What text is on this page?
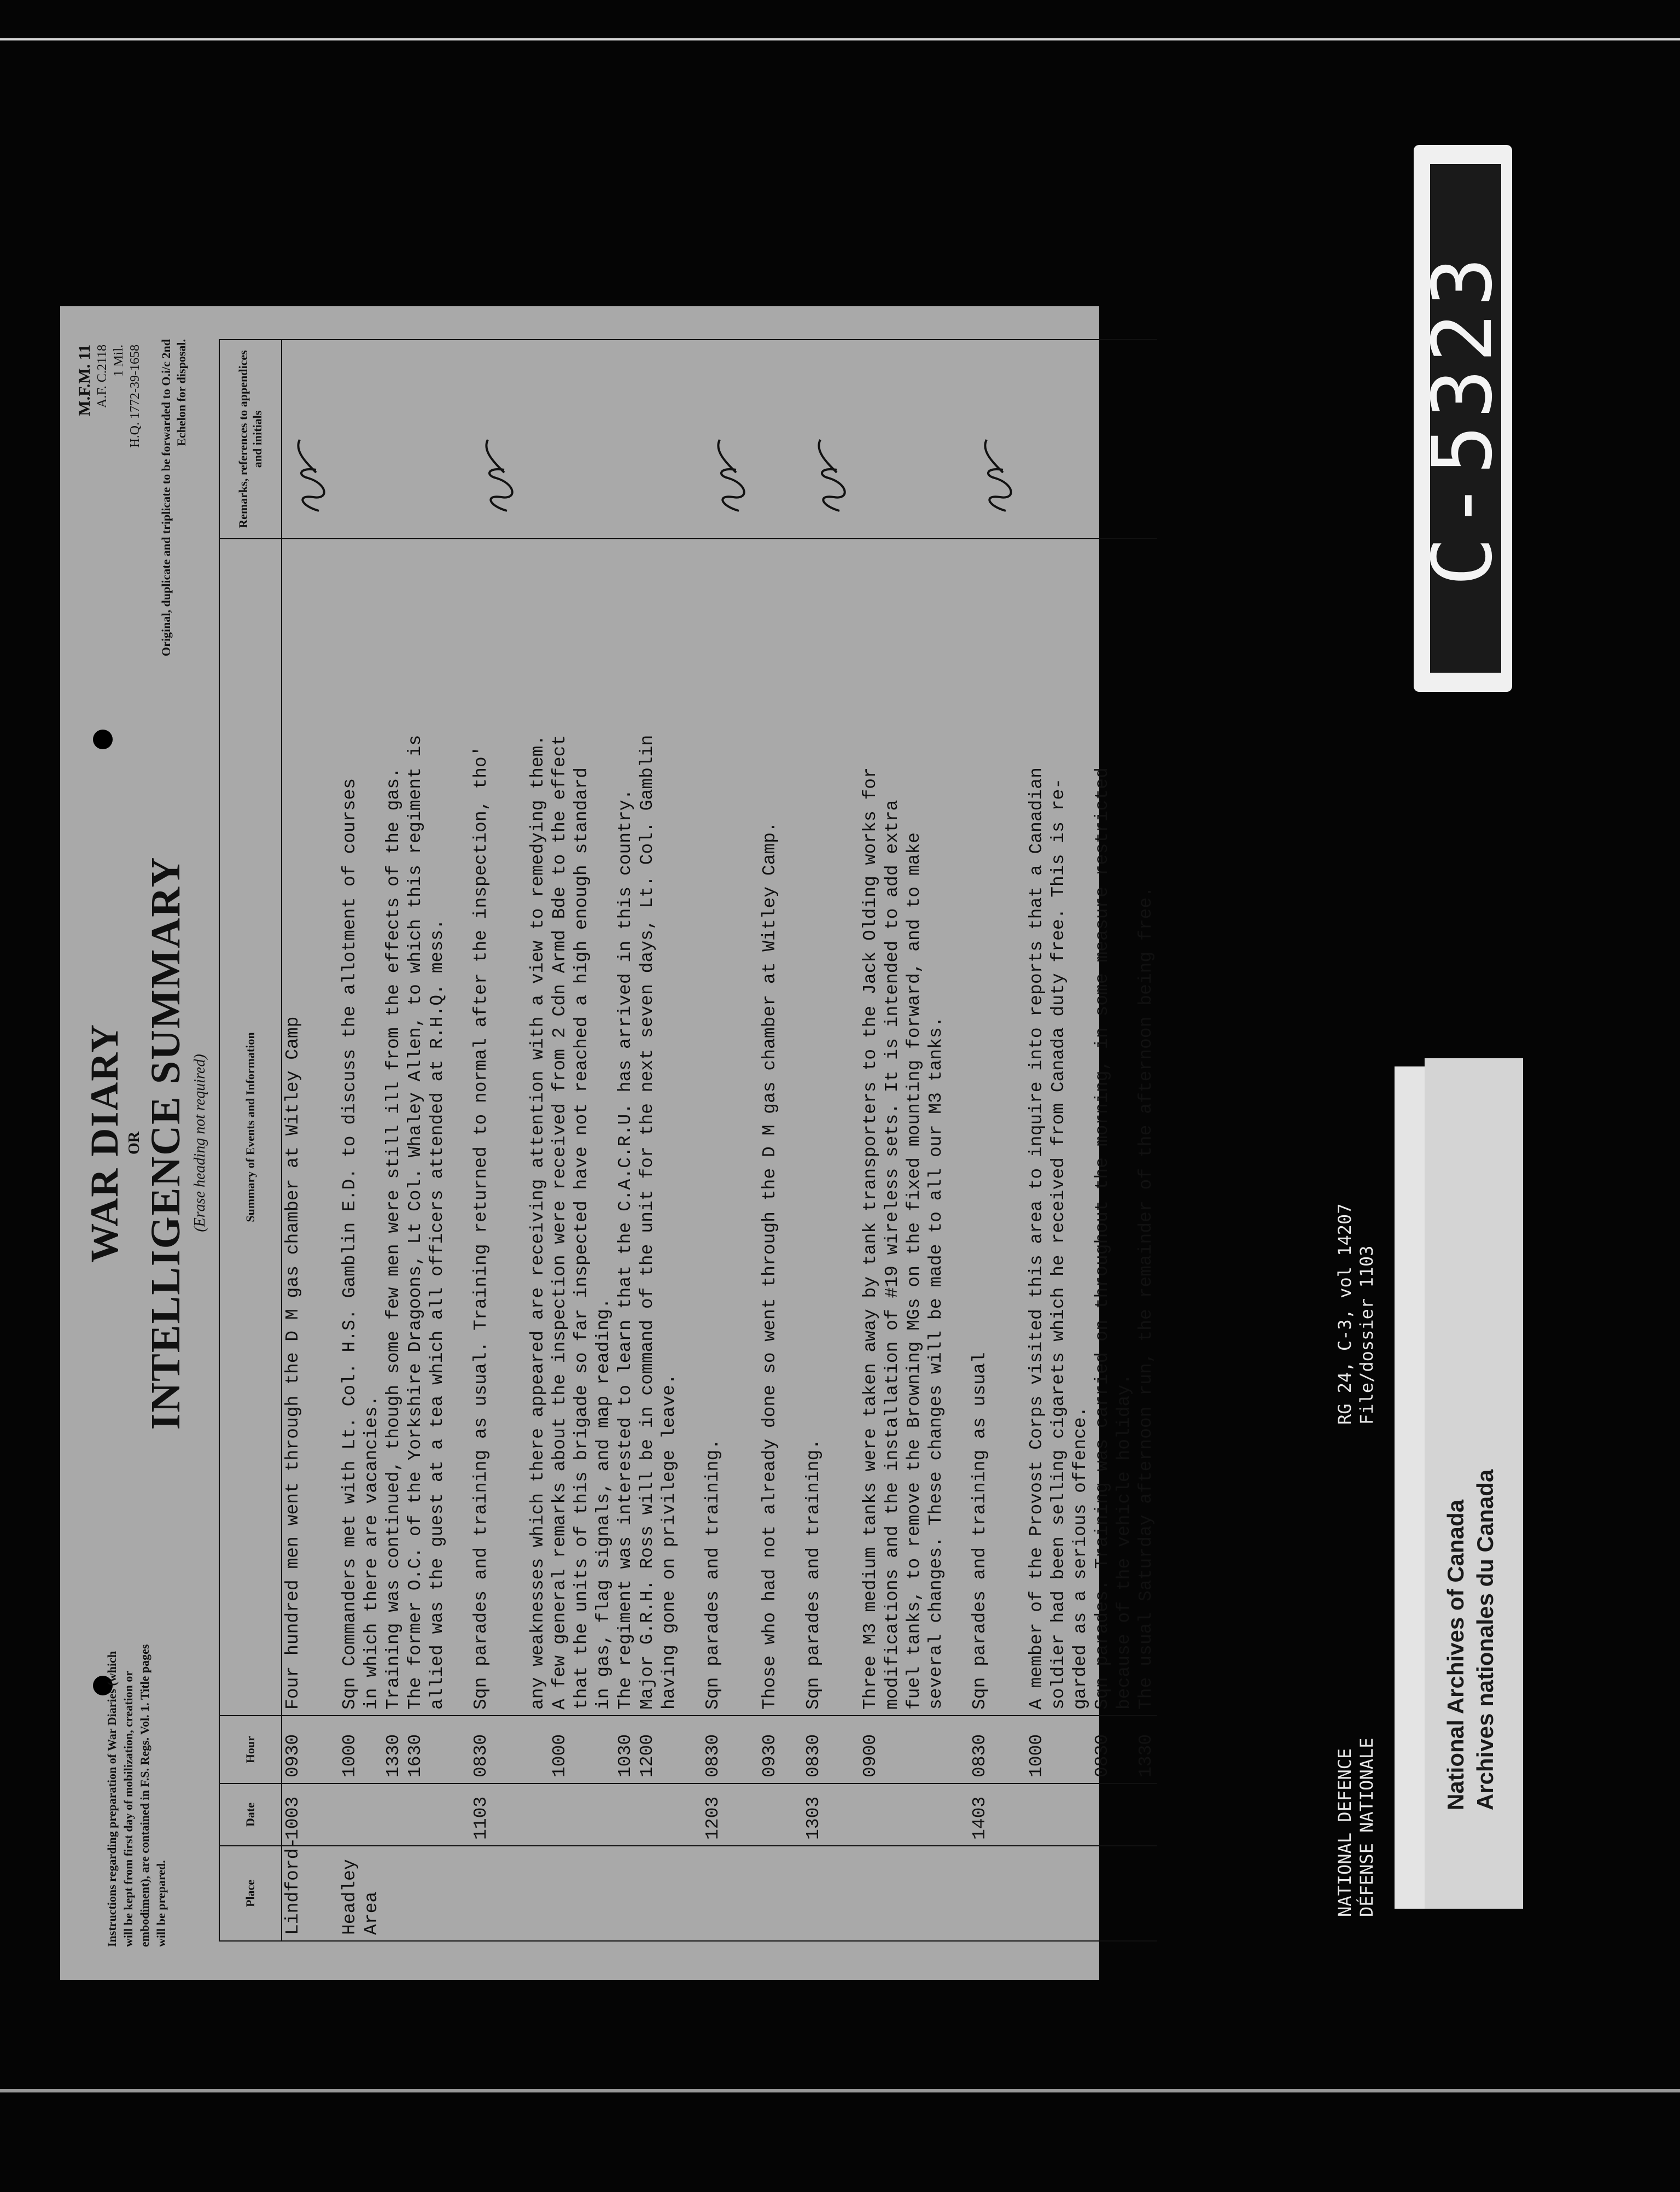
Instructions regarding preparation of War Diaries (which will be kept from first day of mobilization, creation or embodiment), are contained in F.S. Regs. Vol. 1. Title pages will be prepared.
M.F.M. 11 A.F. C.2118 1 Mil. H.Q. 1772-39-1658
WAR DIARY OR INTELLIGENCE SUMMARY (Erase heading not required)
Original, duplicate and triplicate to be forwarded to O.i/c 2nd Echelon for disposal.
Place	Date	Hour	Summary of Events and Information	Remarks, references to appendices and initials
Lindford-	1003	0930	Four hundred men went through the D M gas chamber at Witley Camp	

Headley		1000	Sqn Commanders met with Lt. Col. H.S. Gamblin E.D. to discuss the allotment of courses	
Area			in which there are vacancies.	
		1330	Training was continued, though some few men were still ill from the effects of the gas.	
		1630	The former O.C. of the Yorkshire Dragoons, Lt Col. Whaley Allen, to which this regiment is	
			allied was the guest at a tea which all officers attended at R.H.Q. mess.	

	1103	0830	Sqn parades and training as usual. Training returned to normal after the inspection, tho'	

			any weaknesses which there appeared are receiving attention with a view to remedying them.	
		1000	A few general remarks about the inspection were received from 2 Cdn Armd Bde to the effect	
			that the units of this brigade so far inspected have not reached a high enough standard	
			in gas, flag signals, and map reading.	
		1030	The regiment was interested to learn that the C.A.C.R.U. has arrived in this country.	
		1200	Major G.R.H. Ross will be in command of the unit for the next seven days, Lt. Col. Gamblin	
			having gone on privilege leave.	

	1203	0830	Sqn parades and training.	

		0930	Those who had not already done so went through the D M gas chamber at Witley Camp.	

	1303	0830	Sqn parades and training.	

		0900	Three M3 medium tanks were taken away by tank transporters to the Jack Olding works for	
			modifications and the installation of #19 wireless sets. It is intended to add extra	
			fuel tanks, to remove the Browning MGs on the fixed mounting forward, and to make	
			several changes. These changes will be made to all our M3 tanks.	

	1403	0830	Sqn parades and training as usual	

		1000	A member of the Provost Corps visited this area to inquire into reports that a Canadian	
			soldier had been selling cigarets which he received from Canada duty free. This is re-	
			garded as a serious offence.	
		0830	Sqn parades. Training was carried on throughout the morning, in some measure restricted	
			because of the vehicle holiday.	
		1330	The usual Saturday afternoon run, the remainder of the afternoon being free.	
C-5323
NATIONAL DEFENCE DÉFENSE NATIONALE
RG 24, C-3, vol 14207 File/dossier 1103
National Archives of Canada Archives nationales du Canada
